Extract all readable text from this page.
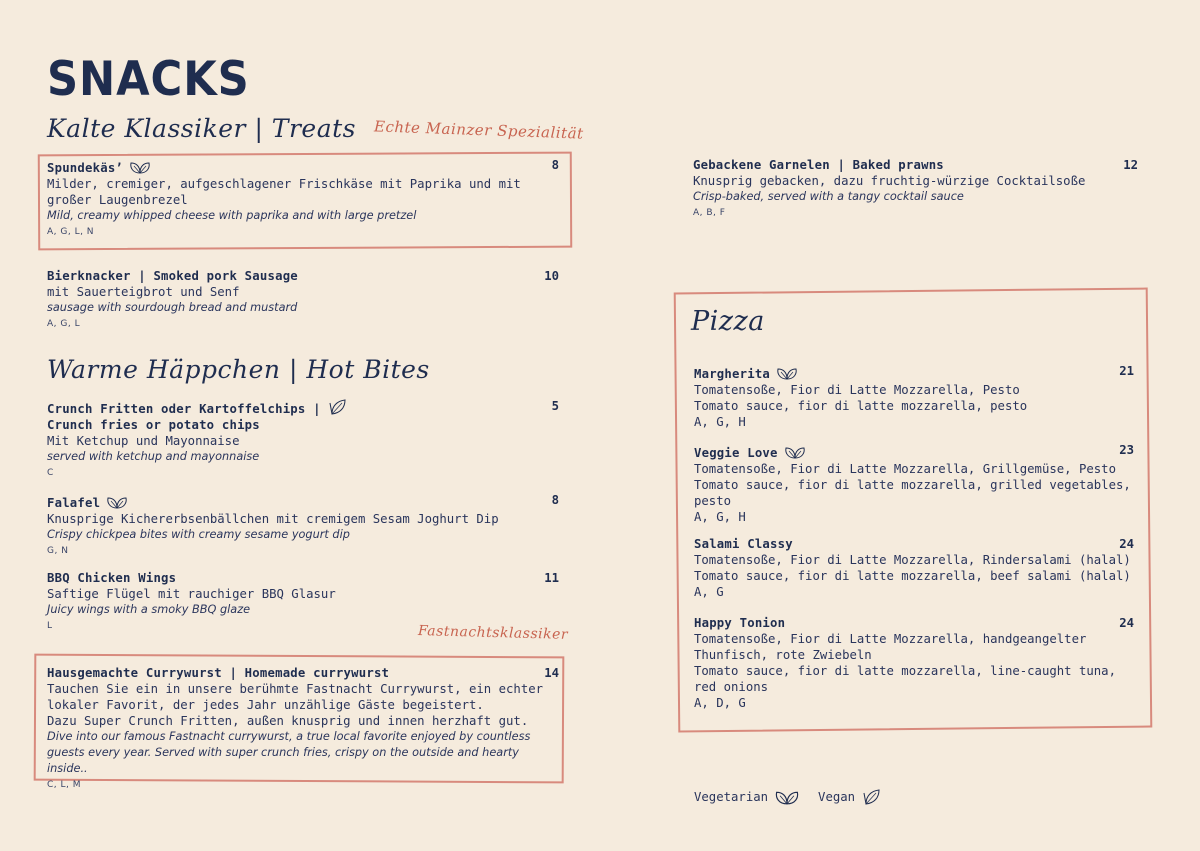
SNACKS
Kalte Klassiker | Treats Echte Mainzer Spezialität
Spundekäs’	8
Milder, cremiger, aufgeschlagener Frischkäse mit Paprika und mit großer Laugenbrezel
Mild, creamy whipped cheese with paprika and with large pretzel
A, G, L, N
Bierknacker | Smoked pork Sausage	10
mit Sauerteigbrot und Senf
sausage with sourdough bread and mustard
A, G, L
Warme Häppchen | Hot Bites
Crunch Fritten oder Kartoffelchips |	5
Crunch fries or potato chips
Mit Ketchup und Mayonnaise
served with ketchup and mayonnaise
C
Falafel	8
Knusprige Kichererbsenbällchen mit cremigem Sesam Joghurt Dip
Crispy chickpea bites with creamy sesame yogurt dip
G, N
BBQ Chicken Wings	11
Saftige Flügel mit rauchiger BBQ Glasur
Juicy wings with a smoky BBQ glaze
L	Fastnachtsklassiker
Hausgemachte Currywurst | Homemade currywurst	14
Tauchen Sie ein in unsere berühmte Fastnacht Currywurst, ein echter lokaler Favorit, der jedes Jahr unzählige Gäste begeistert.
Dazu Super Crunch Fritten, außen knusprig und innen herzhaft gut.
Dive into our famous Fastnacht currywurst, a true local favorite enjoyed by countless guests every year. Served with super crunch fries, crispy on the outside and hearty inside..
C, L, M
Gebackene Garnelen | Baked prawns	12
Knusprig gebacken, dazu fruchtig-würzige Cocktailsoße
Crisp-baked, served with a tangy cocktail sauce
A, B, F
Pizza
Margherita	21
Tomatensoße, Fior di Latte Mozzarella, Pesto
Tomato sauce, fior di latte mozzarella, pesto
A, G, H
Veggie Love	23
Tomatensoße, Fior di Latte Mozzarella, Grillgemüse, Pesto
Tomato sauce, fior di latte mozzarella, grilled vegetables, pesto
A, G, H
Salami Classy	24
Tomatensoße, Fior di Latte Mozzarella, Rindersalami (halal)
Tomato sauce, fior di latte mozzarella, beef salami (halal)
A, G
Happy Tonion	24
Tomatensoße, Fior di Latte Mozzarella, handgeangelter Thunfisch, rote Zwiebeln
Tomato sauce, fior di latte mozzarella, line-caught tuna, red onions
A, D, G
Vegetarian	Vegan
